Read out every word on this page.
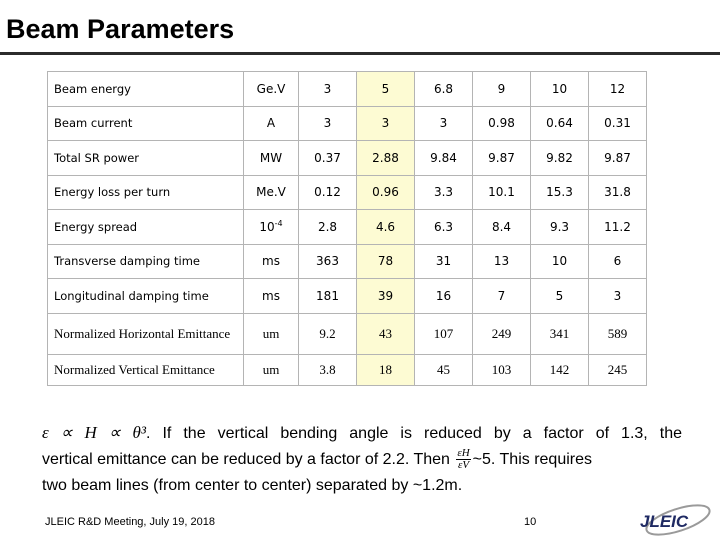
Beam Parameters
Beam energy	Ge.V	3	5	6.8	9	10	12
Beam current	A	3	3	3	0.98	0.64	0.31
Total SR power	MW	0.37	2.88	9.84	9.87	9.82	9.87
Energy loss per turn	Me.V	0.12	0.96	3.3	10.1	15.3	31.8
Energy spread	$10^{-4}$	2.8	4.6	6.3	8.4	9.3	11.2
Transverse damping time	ms	363	78	31	13	10	6
Longitudinal damping time	ms	181	39	16	7	5	3
Normalized Horizontal Emittance	um	9.2	43	107	249	341	589
Normalized Vertical Emittance	um	3.8	18	45	103	142	245
ε ∝ H ∝ θ³. If the vertical bending angle is reduced by a factor of 1.3, the
vertical emittance can be reduced by a factor of 2.2. Then $\frac{\varepsilon H}{\varepsilon V}$ ~5. This requires
two beam lines (from center to center) separated by ~1.2m.
JLEIC R&D Meeting, July 19, 2018	10	JLEIC
